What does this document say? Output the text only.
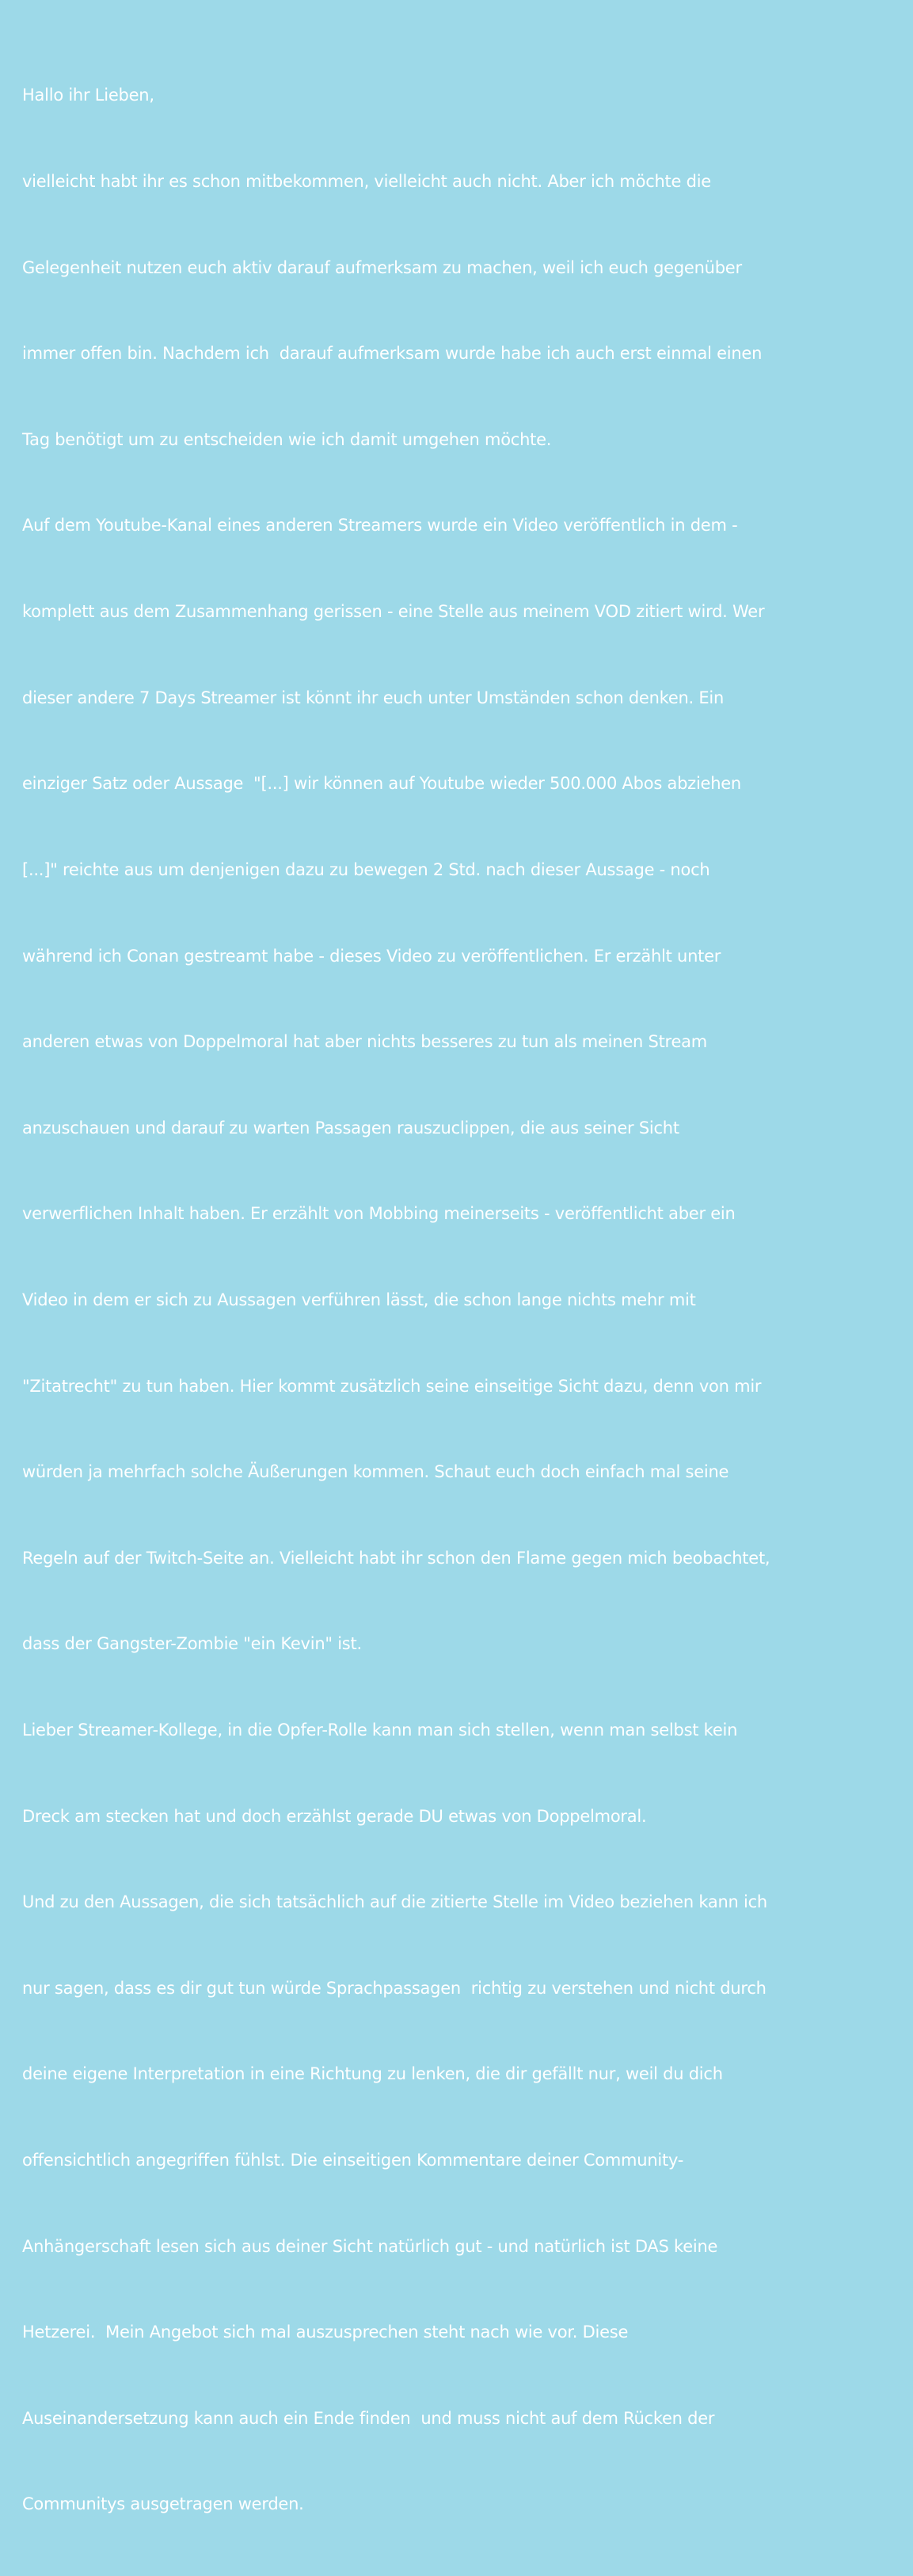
Hallo ihr Lieben,

vielleicht habt ihr es schon mitbekommen, vielleicht auch nicht. Aber ich möchte die

Gelegenheit nutzen euch aktiv darauf aufmerksam zu machen, weil ich euch gegenüber

immer offen bin. Nachdem ich  darauf aufmerksam wurde habe ich auch erst einmal einen

Tag benötigt um zu entscheiden wie ich damit umgehen möchte.

Auf dem Youtube-Kanal eines anderen Streamers wurde ein Video veröffentlich in dem -

komplett aus dem Zusammenhang gerissen - eine Stelle aus meinem VOD zitiert wird. Wer

dieser andere 7 Days Streamer ist könnt ihr euch unter Umständen schon denken. Ein

einziger Satz oder Aussage  "[...] wir können auf Youtube wieder 500.000 Abos abziehen

[...]" reichte aus um denjenigen dazu zu bewegen 2 Std. nach dieser Aussage - noch

während ich Conan gestreamt habe - dieses Video zu veröffentlichen. Er erzählt unter

anderen etwas von Doppelmoral hat aber nichts besseres zu tun als meinen Stream

anzuschauen und darauf zu warten Passagen rauszuclippen, die aus seiner Sicht

verwerflichen Inhalt haben. Er erzählt von Mobbing meinerseits - veröffentlicht aber ein

Video in dem er sich zu Aussagen verführen lässt, die schon lange nichts mehr mit

"Zitatrecht" zu tun haben. Hier kommt zusätzlich seine einseitige Sicht dazu, denn von mir

würden ja mehrfach solche Äußerungen kommen. Schaut euch doch einfach mal seine

Regeln auf der Twitch-Seite an. Vielleicht habt ihr schon den Flame gegen mich beobachtet,

dass der Gangster-Zombie "ein Kevin" ist.

Lieber Streamer-Kollege, in die Opfer-Rolle kann man sich stellen, wenn man selbst kein

Dreck am stecken hat und doch erzählst gerade DU etwas von Doppelmoral.

Und zu den Aussagen, die sich tatsächlich auf die zitierte Stelle im Video beziehen kann ich

nur sagen, dass es dir gut tun würde Sprachpassagen  richtig zu verstehen und nicht durch

deine eigene Interpretation in eine Richtung zu lenken, die dir gefällt nur, weil du dich

offensichtlich angegriffen fühlst. Die einseitigen Kommentare deiner Community-

Anhängerschaft lesen sich aus deiner Sicht natürlich gut - und natürlich ist DAS keine

Hetzerei.  Mein Angebot sich mal auszusprechen steht nach wie vor. Diese

Auseinandersetzung kann auch ein Ende finden  und muss nicht auf dem Rücken der

Communitys ausgetragen werden.
